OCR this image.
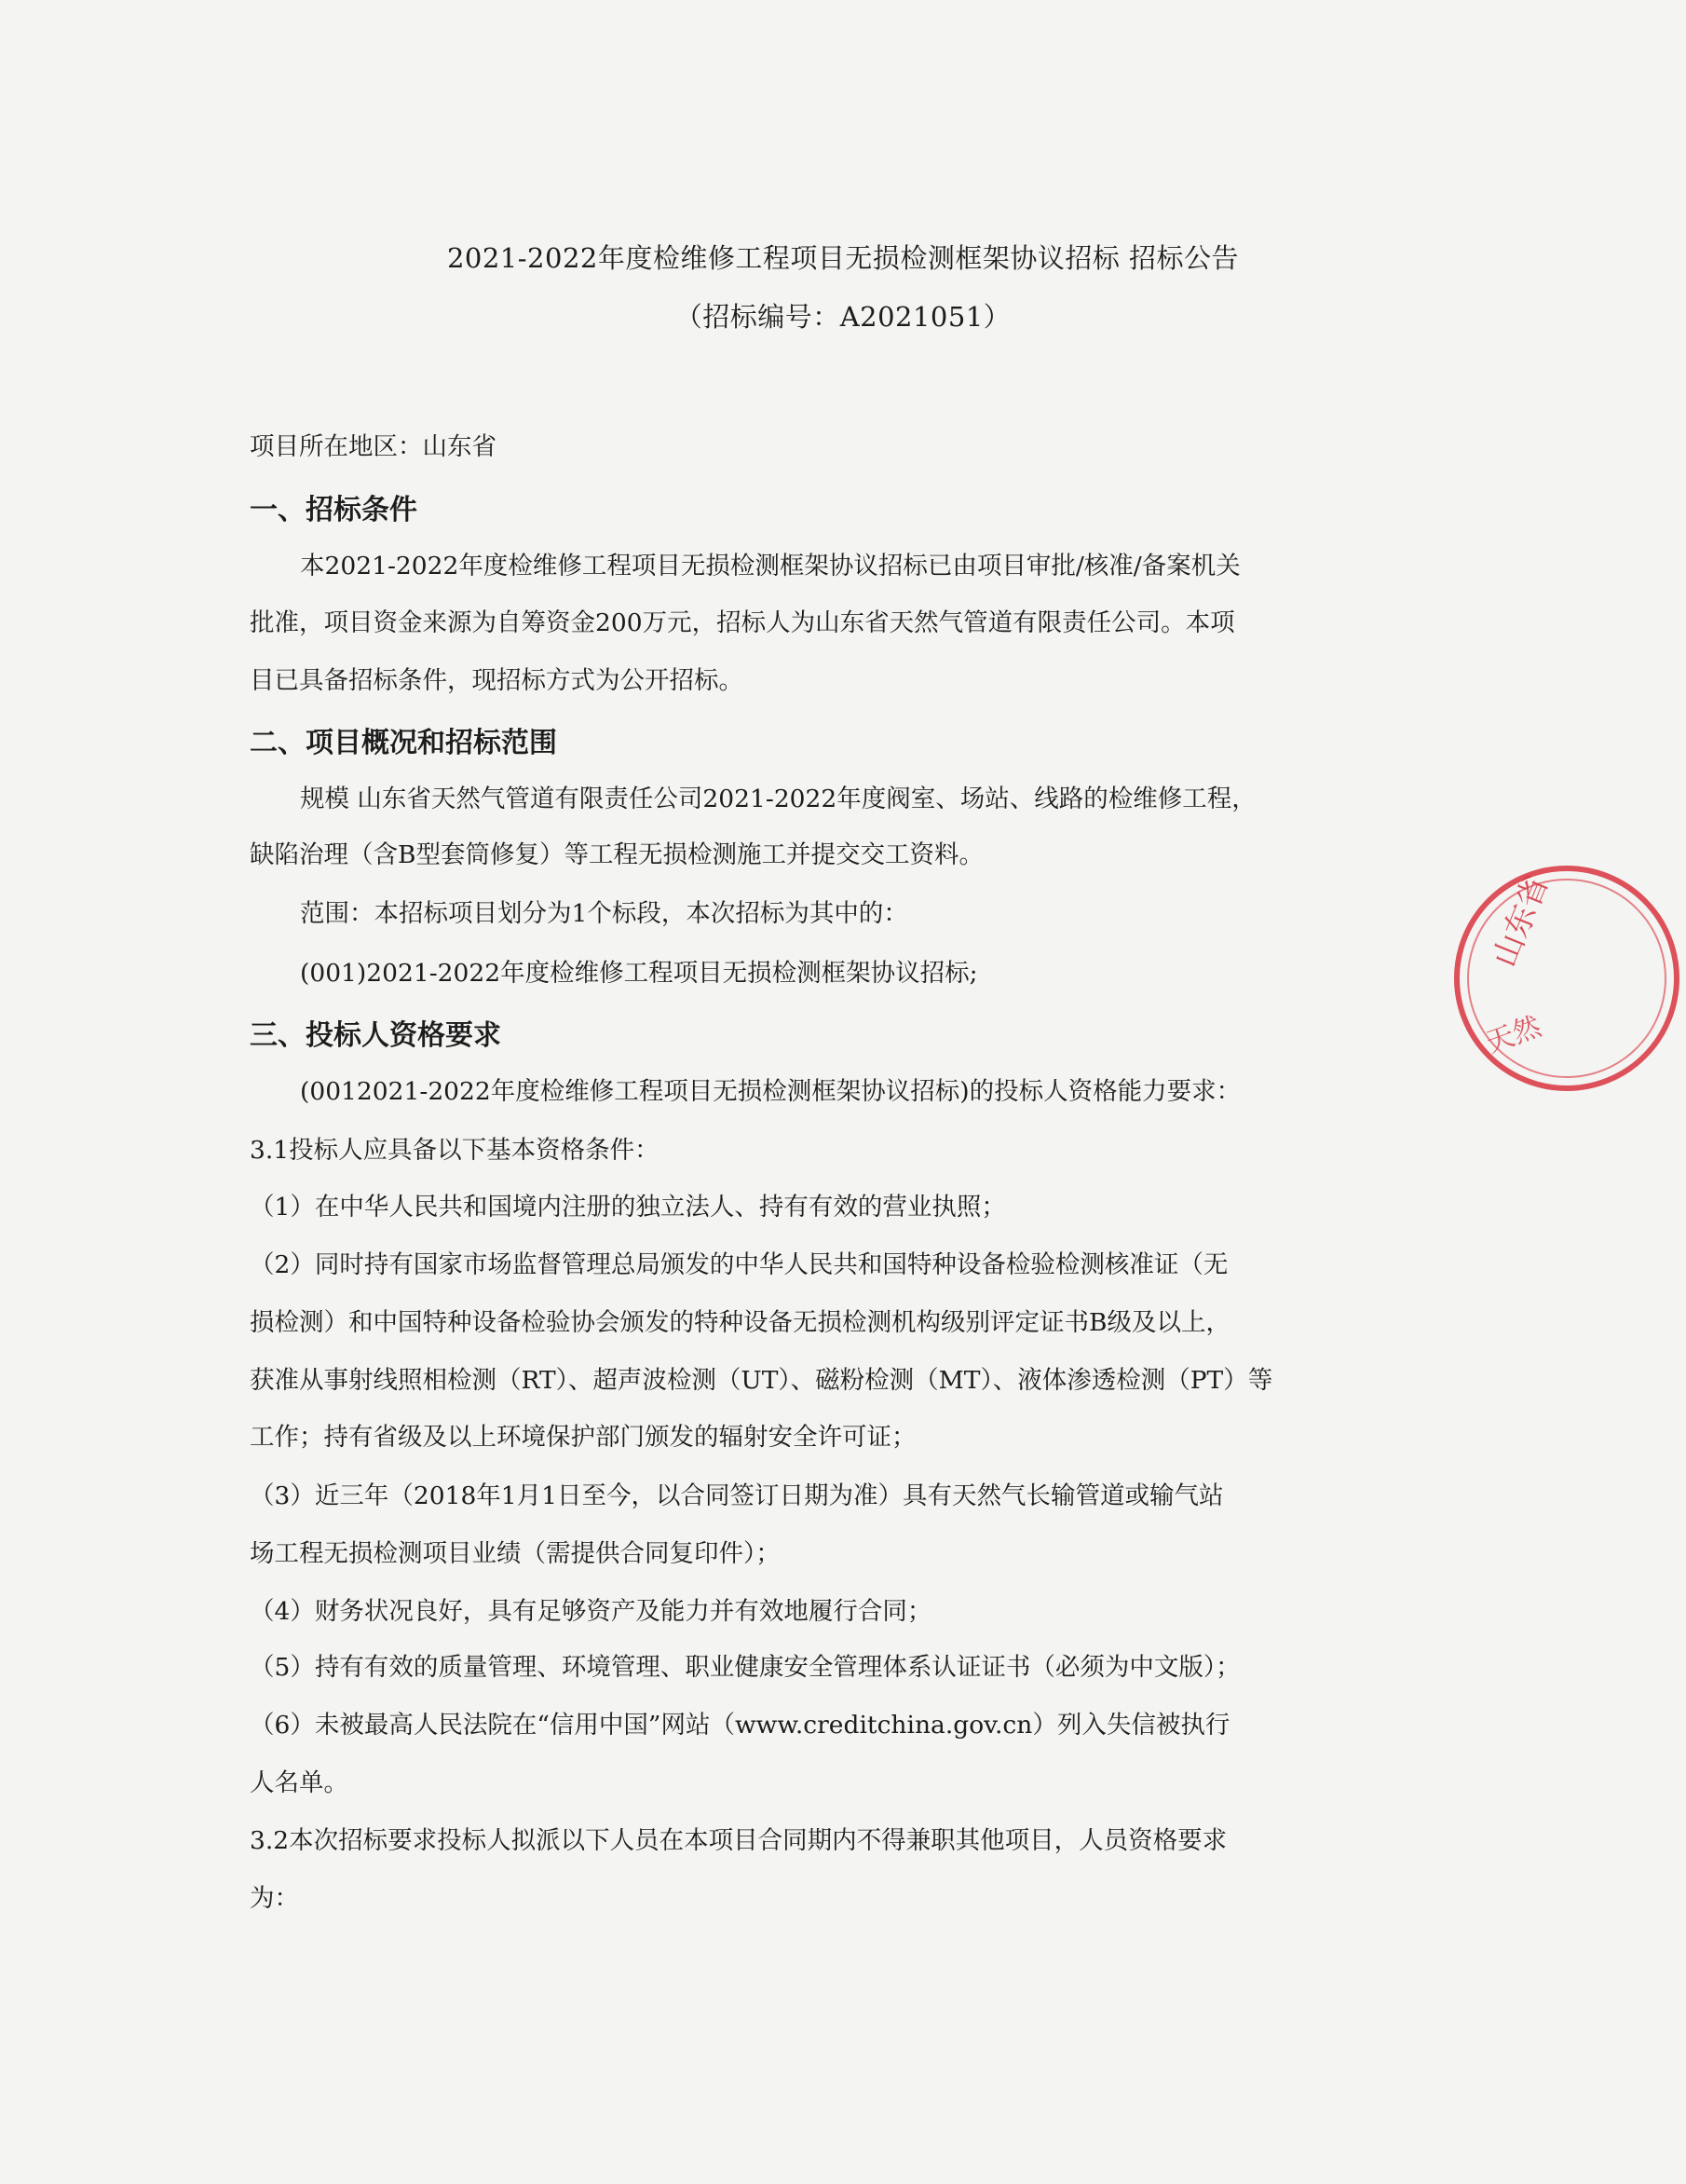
2021-2022年度检维修工程项目无损检测框架协议招标 招标公告
（招标编号：A2021051）
项目所在地区：山东省
一、招标条件
本2021-2022年度检维修工程项目无损检测框架协议招标已由项目审批/核准/备案机关
批准，项目资金来源为自筹资金200万元，招标人为山东省天然气管道有限责任公司。本项
目已具备招标条件，现招标方式为公开招标。
二、项目概况和招标范围
规模 山东省天然气管道有限责任公司2021-2022年度阀室、场站、线路的检维修工程，
缺陷治理（含B型套筒修复）等工程无损检测施工并提交交工资料。
范围：本招标项目划分为1个标段，本次招标为其中的：
(001)2021-2022年度检维修工程项目无损检测框架协议招标;
三、投标人资格要求
(0012021-2022年度检维修工程项目无损检测框架协议招标)的投标人资格能力要求：
3.1投标人应具备以下基本资格条件：
（1）在中华人民共和国境内注册的独立法人、持有有效的营业执照；
（2）同时持有国家市场监督管理总局颁发的中华人民共和国特种设备检验检测核准证（无
损检测）和中国特种设备检验协会颁发的特种设备无损检测机构级别评定证书B级及以上，
获准从事射线照相检测（RT）、超声波检测（UT）、磁粉检测（MT）、液体渗透检测（PT）等
工作；持有省级及以上环境保护部门颁发的辐射安全许可证；
（3）近三年（2018年1月1日至今，以合同签订日期为准）具有天然气长输管道或输气站
场工程无损检测项目业绩（需提供合同复印件）；
（4）财务状况良好，具有足够资产及能力并有效地履行合同；
（5）持有有效的质量管理、环境管理、职业健康安全管理体系认证证书（必须为中文版）；
（6）未被最高人民法院在“信用中国”网站（www.creditchina.gov.cn）列入失信被执行
人名单。
3.2本次招标要求投标人拟派以下人员在本项目合同期内不得兼职其他项目，人员资格要求
为：
山东省
天然
